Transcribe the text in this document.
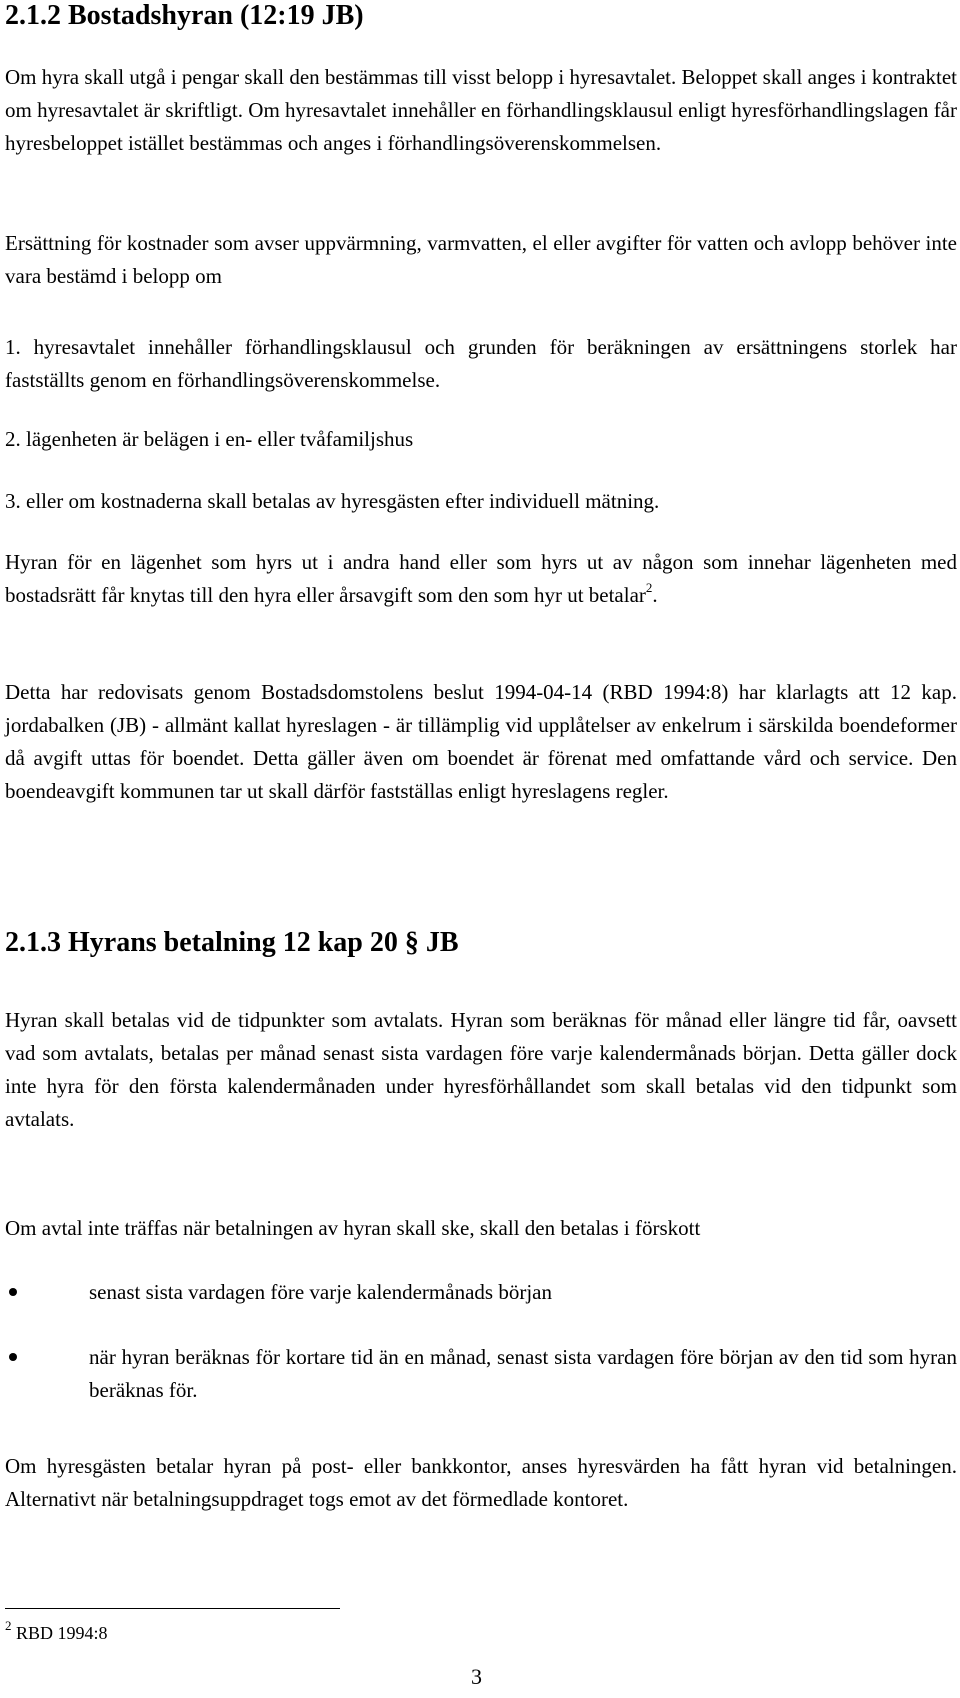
2.1.2 Bostadshyran (12:19 JB)

Om hyra skall utgå i pengar skall den bestämmas till visst belopp i hyresavtalet. Beloppet skall anges i kontraktet om hyresavtalet är skriftligt. Om hyresavtalet innehåller en förhandlingsklausul enligt hyresförhandlingslagen får hyresbeloppet istället bestämmas och anges i förhandlingsöverenskommelsen.

Ersättning för kostnader som avser uppvärmning, varmvatten, el eller avgifter för vatten och avlopp behöver inte vara bestämd i belopp om

1. hyresavtalet innehåller förhandlingsklausul och grunden för beräkningen av ersättningens storlek har fastställts genom en förhandlingsöverenskommelse.

2. lägenheten är belägen i en- eller tvåfamiljshus

3. eller om kostnaderna skall betalas av hyresgästen efter individuell mätning.

Hyran för en lägenhet som hyrs ut i andra hand eller som hyrs ut av någon som innehar lägenheten med bostadsrätt får knytas till den hyra eller årsavgift som den som hyr ut betalar$^2$.

Detta har redovisats genom Bostadsdomstolens beslut 1994-04-14 (RBD 1994:8) har klarlagts att 12 kap. jordabalken (JB) - allmänt kallat hyreslagen - är tillämplig vid upplåtelser av enkelrum i särskilda boendeformer då avgift uttas för boendet. Detta gäller även om boendet är förenat med omfattande vård och service. Den boendeavgift kommunen tar ut skall därför fastställas enligt hyreslagens regler.

2.1.3 Hyrans betalning 12 kap 20 § JB

Hyran skall betalas vid de tidpunkter som avtalats. Hyran som beräknas för månad eller längre tid får, oavsett vad som avtalats, betalas per månad senast sista vardagen före varje kalendermånads början. Detta gäller dock inte hyra för den första kalendermånaden under hyresförhållandet som skall betalas vid den tidpunkt som avtalats.

Om avtal inte träffas när betalningen av hyran skall ske, skall den betalas i förskott

senast sista vardagen före varje kalendermånads början
när hyran beräknas för kortare tid än en månad, senast sista vardagen före början av den tid som hyran beräknas för.

Om hyresgästen betalar hyran på post- eller bankkontor, anses hyresvärden ha fått hyran vid betalningen. Alternativt när betalningsuppdraget togs emot av det förmedlade kontoret.

$^2$ RBD 1994:8
3
